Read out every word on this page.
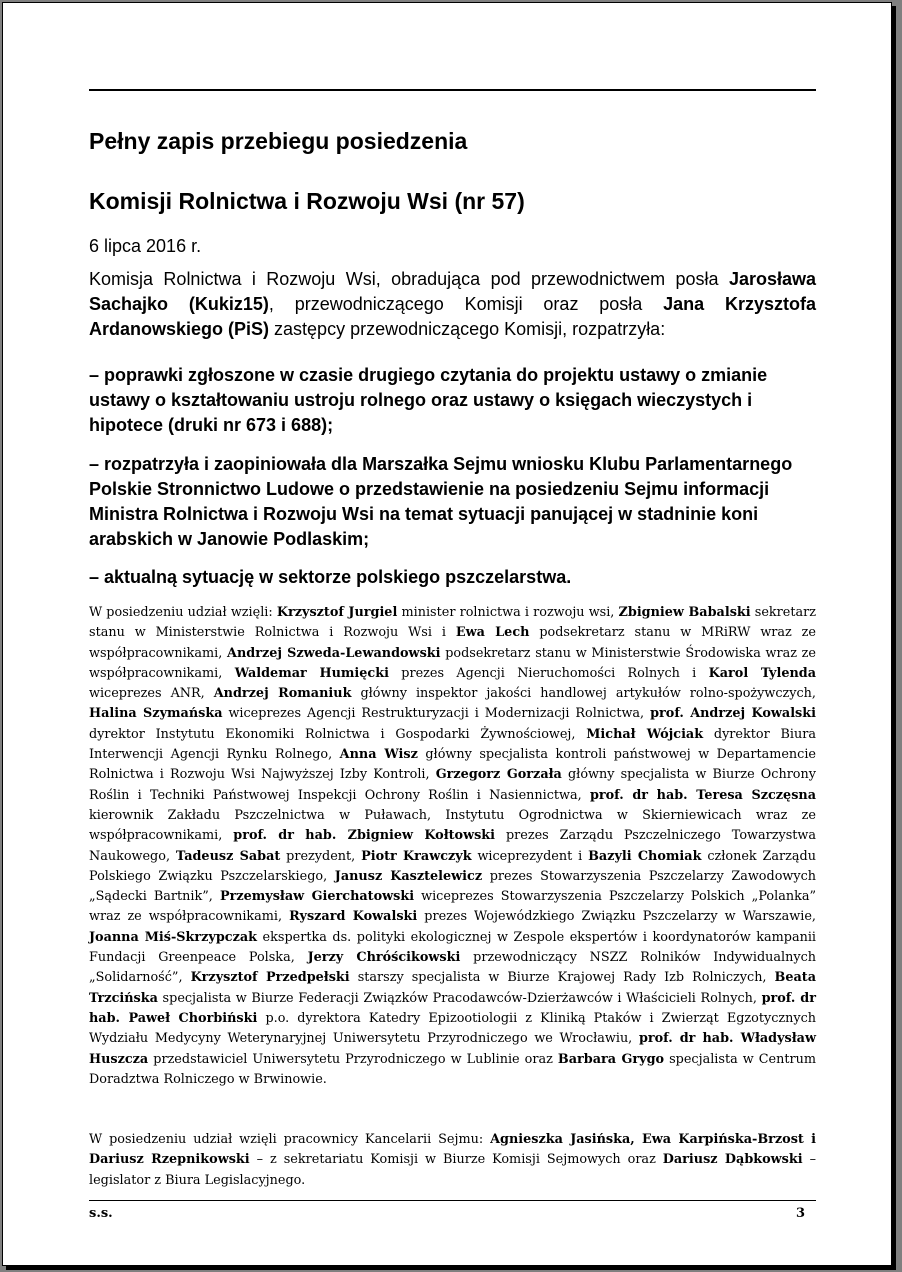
Pełny zapis przebiegu posiedzenia
Komisji Rolnictwa i Rozwoju Wsi (nr 57)
6 lipca 2016 r.

Komisja Rolnictwa i Rozwoju Wsi, obradująca pod przewodnictwem posła Jarosława Sachajko (Kukiz15), przewodniczącego Komisji oraz posła Jana Krzysztofa Ardanowskiego (PiS) zastępcy przewodniczącego Komisji, rozpatrzyła:

– poprawki zgłoszone w czasie drugiego czytania do projektu ustawy o zmianie ustawy o kształtowaniu ustroju rolnego oraz ustawy o księgach wieczystych i hipotece (druki nr 673 i 688);

– rozpatrzyła i zaopiniowała dla Marszałka Sejmu wniosku Klubu Parlamentarnego Polskie Stronnictwo Ludowe o przedstawienie na posiedzeniu Sejmu informacji Ministra Rolnictwa i Rozwoju Wsi na temat sytuacji panującej w stadninie koni arabskich w Janowie Podlaskim;

– aktualną sytuację w sektorze polskiego pszczelarstwa.

W posiedzeniu udział wzięli: Krzysztof Jurgiel minister rolnictwa i rozwoju wsi, Zbigniew Babalski sekretarz stanu w Ministerstwie Rolnictwa i Rozwoju Wsi i Ewa Lech podsekretarz stanu w MRiRW wraz ze współpracownikami, Andrzej Szweda-Lewandowski podsekretarz stanu w Ministerstwie Środowiska wraz ze współpracownikami, Waldemar Humięcki prezes Agencji Nieruchomości Rolnych i Karol Tylenda wiceprezes ANR, Andrzej Romaniuk główny inspektor jakości handlowej artykułów rolno-spożywczych, Halina Szymańska wiceprezes Agencji Restrukturyzacji i Modernizacji Rolnictwa, prof. Andrzej Kowalski dyrektor Instytutu Ekonomiki Rolnictwa i Gospodarki Żywnościowej, Michał Wójciak dyrektor Biura Interwencji Agencji Rynku Rolnego, Anna Wisz główny specjalista kontroli państwowej w Departamencie Rolnictwa i Rozwoju Wsi Najwyższej Izby Kontroli, Grzegorz Gorzała główny specjalista w Biurze Ochrony Roślin i Techniki Państwowej Inspekcji Ochrony Roślin i Nasiennictwa, prof. dr hab. Teresa Szczęsna kierownik Zakładu Pszczelnictwa w Puławach, Instytutu Ogrodnictwa w Skierniewicach wraz ze współpracownikami, prof. dr hab. Zbigniew Kołtowski prezes Zarządu Pszczelniczego Towarzystwa Naukowego, Tadeusz Sabat prezydent, Piotr Krawczyk wiceprezydent i Bazyli Chomiak członek Zarządu Polskiego Związku Pszczelarskiego, Janusz Kasztelewicz prezes Stowarzyszenia Pszczelarzy Zawodowych „Sądecki Bartnik”, Przemysław Gierchatowski wiceprezes Stowarzyszenia Pszczelarzy Polskich „Polanka” wraz ze współpracownikami, Ryszard Kowalski prezes Wojewódzkiego Związku Pszczelarzy w Warszawie, Joanna Miś-Skrzypczak ekspertka ds. polityki ekologicznej w Zespole ekspertów i koordynatorów kampanii Fundacji Greenpeace Polska, Jerzy Chróścikowski przewodniczący NSZZ Rolników Indywidualnych „Solidarność”, Krzysztof Przedpełski starszy specjalista w Biurze Krajowej Rady Izb Rolniczych, Beata Trzcińska specjalista w Biurze Federacji Związków Pracodawców-Dzierżawców i Właścicieli Rolnych, prof. dr hab. Paweł Chorbiński p.o. dyrektora Katedry Epizootiologii z Kliniką Ptaków i Zwierząt Egzotycznych Wydziału Medycyny Weterynaryjnej Uniwersytetu Przyrodniczego we Wrocławiu, prof. dr hab. Władysław Huszcza przedstawiciel Uniwersytetu Przyrodniczego w Lublinie oraz Barbara Grygo specjalista w Centrum Doradztwa Rolniczego w Brwinowie.

W posiedzeniu udział wzięli pracownicy Kancelarii Sejmu: Agnieszka Jasińska, Ewa Karpińska-Brzost i Dariusz Rzepnikowski – z sekretariatu Komisji w Biurze Komisji Sejmowych oraz Dariusz Dąbkowski – legislator z Biura Legislacyjnego.

s.s.	3
